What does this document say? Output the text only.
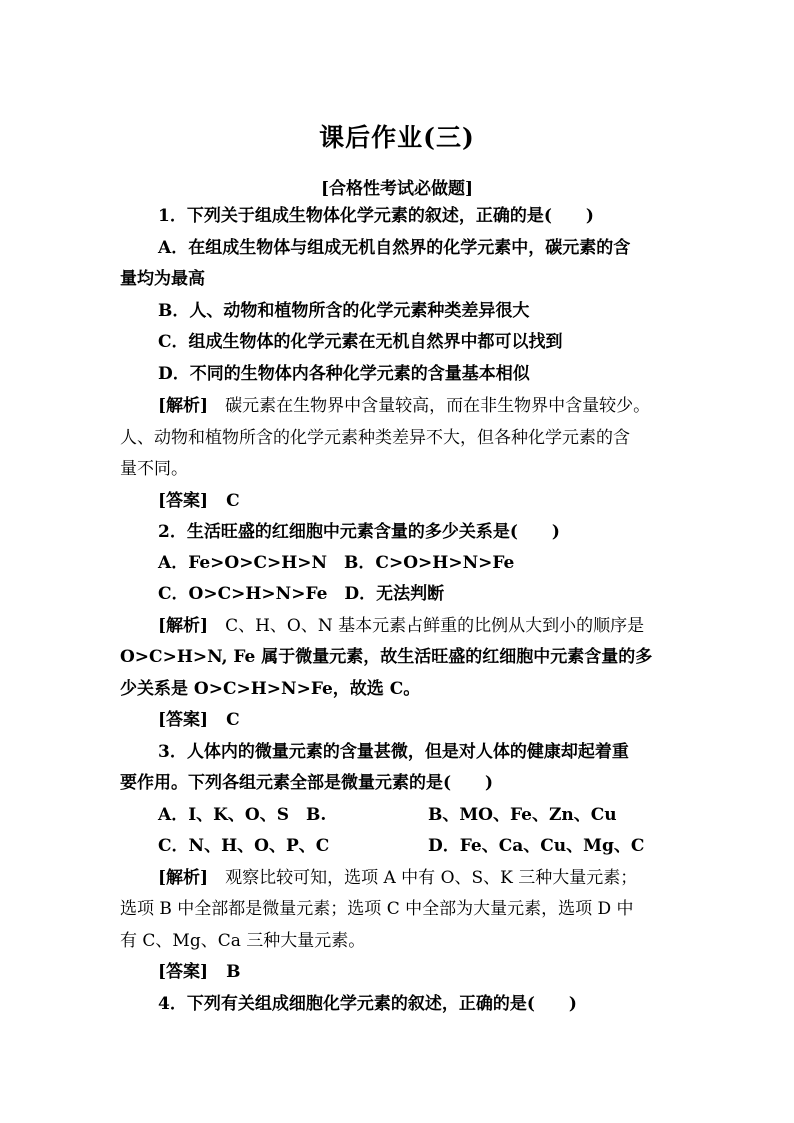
课后作业(三)
[合格性考试必做题]
1．下列关于组成生物体化学元素的叙述，正确的是(　　)
A．在组成生物体与组成无机自然界的化学元素中，碳元素的含
量均为最高
B．人、动物和植物所含的化学元素种类差异很大
C．组成生物体的化学元素在无机自然界中都可以找到
D．不同的生物体内各种化学元素的含量基本相似
[解析]　 碳元素在生物界中含量较高，而在非生物界中含量较少。
人、动物和植物所含的化学元素种类差异不大，但各种化学元素的含
量不同。
[答案] C
2．生活旺盛的红细胞中元素含量的多少关系是(　　)
A．Fe>O>C>H>N　B．C>O>H>N>Fe
C．O>C>H>N>Fe　D．无法判断
[解析]　 C、H、O、N 基本元素占鲜重的比例从大到小的顺序是
O>C>H>N, Fe 属于微量元素，故生活旺盛的红细胞中元素含量的多
少关系是 O>C>H>N>Fe，故选 C。
[答案] C
3．人体内的微量元素的含量甚微，但是对人体的健康却起着重
要作用。下列各组元素全部是微量元素的是(　　)
A．I、K、O、S　B.	B、MO、Fe、Zn、Cu
C．N、H、O、P、C	D．Fe、Ca、Cu、Mg、C
[解析]　 观察比较可知，选项 A 中有 O、S、K 三种大量元素；
选项 B 中全部都是微量元素；选项 C 中全部为大量元素，选项 D 中
有 C、Mg、Ca 三种大量元素。
[答案] B
4．下列有关组成细胞化学元素的叙述，正确的是(　　)
